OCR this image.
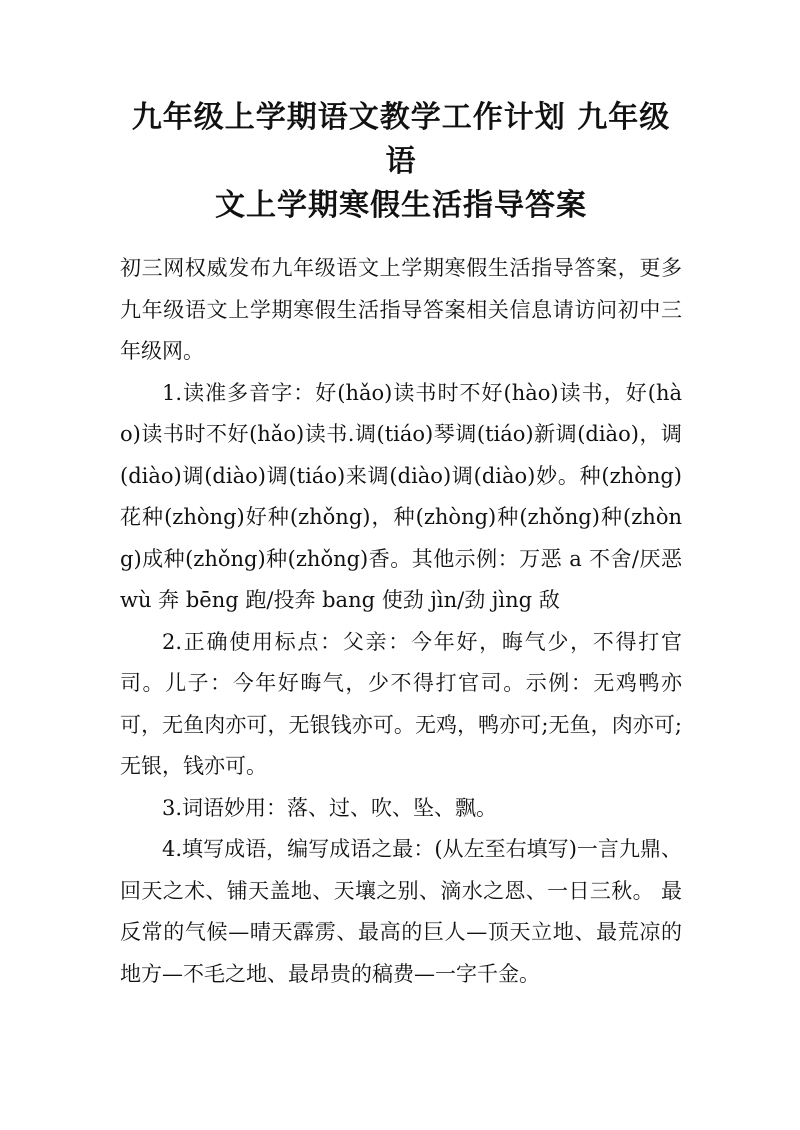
九年级上学期语文教学工作计划 九年级语
文上学期寒假生活指导答案

初三网权威发布九年级语文上学期寒假生活指导答案，更多九年级语文上学期寒假生活指导答案相关信息请访问初中三年级网。

1.读准多音字：好(hǎo)读书时不好(hào)读书，好(hào)读书时不好(hǎo)读书.调(tiáo)琴调(tiáo)新调(diào)，调(diào)调(diào)调(tiáo)来调(diào)调(diào)妙。种(zhòng)花种(zhòng)好种(zhǒng)，种(zhòng)种(zhǒng)种(zhòng)成种(zhǒng)种(zhǒng)香。其他示例：万恶 a 不舍/厌恶 wù 奔 bēng 跑/投奔 bang 使劲 jìn/劲 jìng 敌

2.正确使用标点：父亲：今年好，晦气少，不得打官司。儿子：今年好晦气，少不得打官司。示例：无鸡鸭亦可，无鱼肉亦可，无银钱亦可。无鸡，鸭亦可;无鱼，肉亦可;无银，钱亦可。

3.词语妙用：落、过、吹、坠、飘。

4.填写成语，编写成语之最：(从左至右填写)一言九鼎、回天之术、铺天盖地、天壤之别、滴水之恩、一日三秋。 最反常的气候—晴天霹雳、最高的巨人—顶天立地、最荒凉的地方—不毛之地、最昂贵的稿费—一字千金。
